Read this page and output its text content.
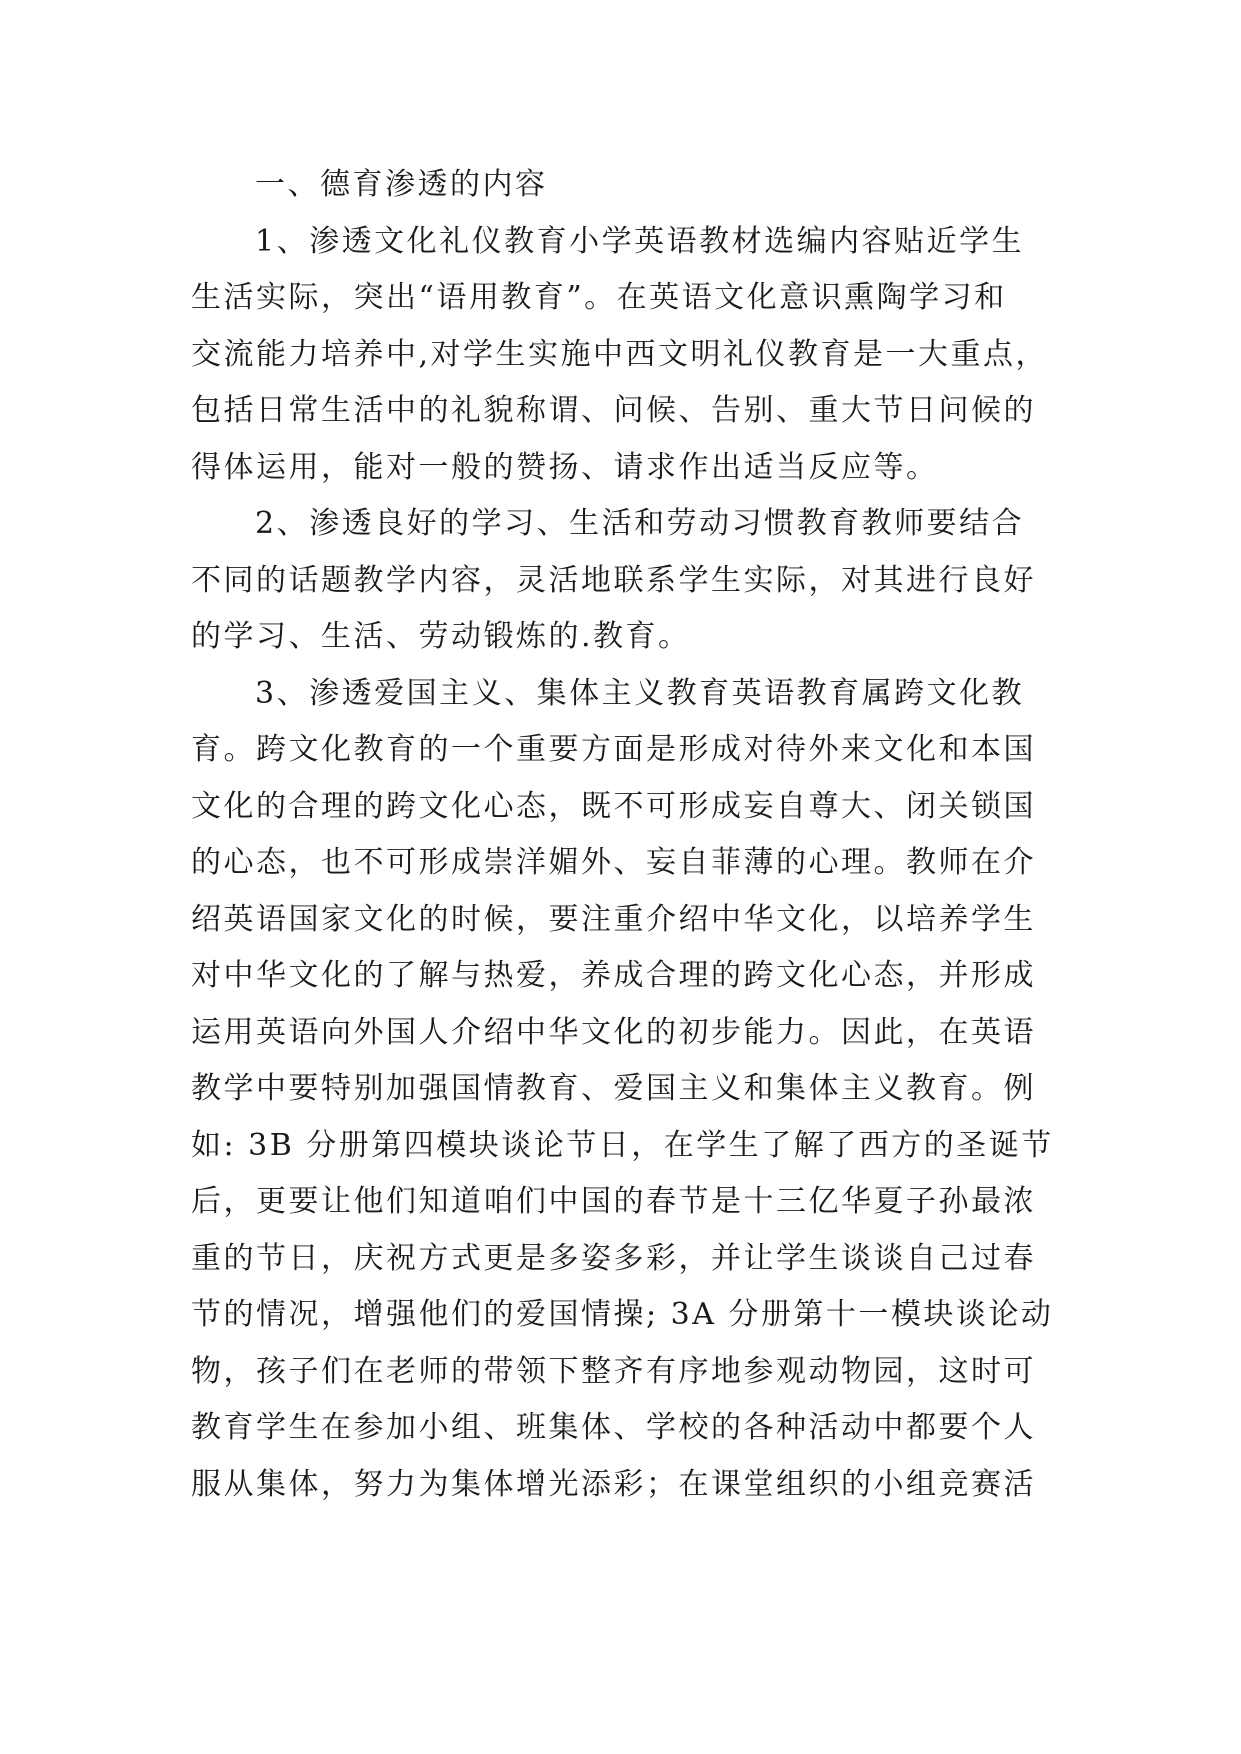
一、德育渗透的内容
1、渗透文化礼仪教育小学英语教材选编内容贴近学生
生活实际，突出“语用教育”。在英语文化意识熏陶学习和
交流能力培养中,对学生实施中西文明礼仪教育是一大重点，
包括日常生活中的礼貌称谓、问候、告别、重大节日问候的
得体运用，能对一般的赞扬、请求作出适当反应等。
2、渗透良好的学习、生活和劳动习惯教育教师要结合
不同的话题教学内容，灵活地联系学生实际，对其进行良好
的学习、生活、劳动锻炼的.教育。
3、渗透爱国主义、集体主义教育英语教育属跨文化教
育。跨文化教育的一个重要方面是形成对待外来文化和本国
文化的合理的跨文化心态，既不可形成妄自尊大、闭关锁国
的心态，也不可形成崇洋媚外、妄自菲薄的心理。教师在介
绍英语国家文化的时候，要注重介绍中华文化，以培养学生
对中华文化的了解与热爱，养成合理的跨文化心态，并形成
运用英语向外国人介绍中华文化的初步能力。因此，在英语
教学中要特别加强国情教育、爱国主义和集体主义教育。例
如: 3B 分册第四模块谈论节日，在学生了解了西方的圣诞节
后，更要让他们知道咱们中国的春节是十三亿华夏子孙最浓
重的节日，庆祝方式更是多姿多彩，并让学生谈谈自己过春
节的情况，增强他们的爱国情操; 3A 分册第十一模块谈论动
物，孩子们在老师的带领下整齐有序地参观动物园，这时可
教育学生在参加小组、班集体、学校的各种活动中都要个人
服从集体，努力为集体增光添彩；在课堂组织的小组竞赛活
